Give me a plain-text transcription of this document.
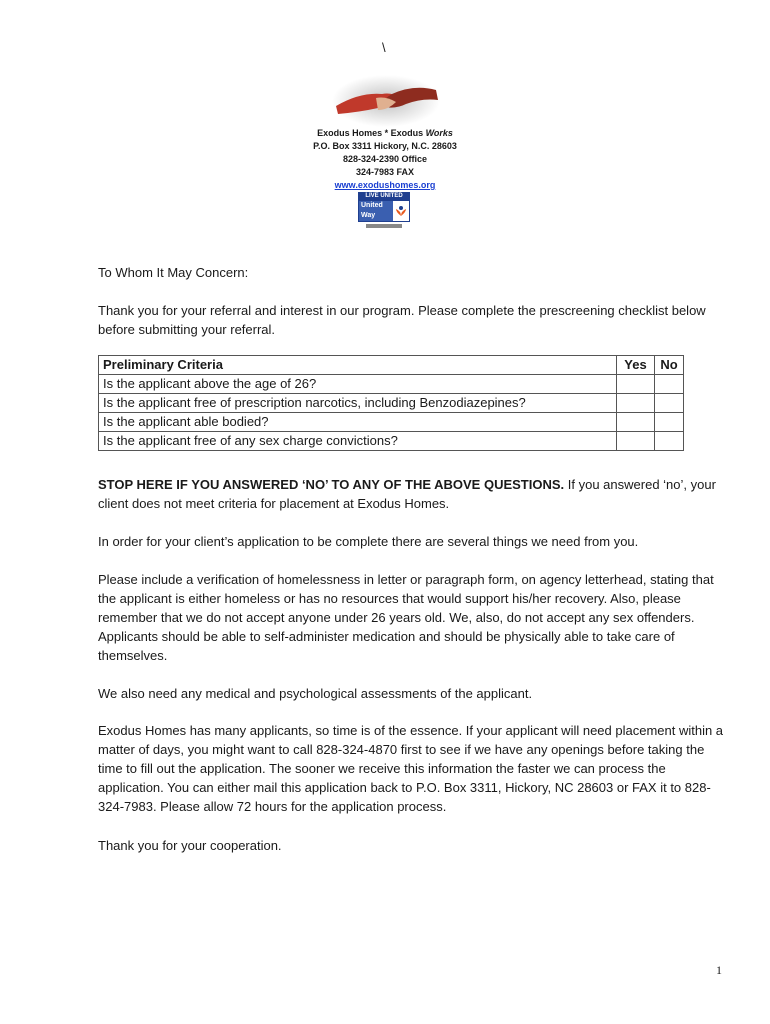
\
Exodus Homes * Exodus Works
P.O. Box 3311 Hickory, N.C. 28603
828-324-2390 Office
324-7983 FAX
www.exodushomes.org
LIVE UNITED
United
Way
To Whom It May Concern:
Thank you for your referral and interest in our program. Please complete the prescreening checklist below before submitting your referral.
Preliminary Criteria	Yes	No
Is the applicant above the age of 26?		
Is the applicant free of prescription narcotics, including Benzodiazepines?		
Is the applicant able bodied?		
Is the applicant free of any sex charge convictions?		
STOP HERE IF YOU ANSWERED ‘NO’ TO ANY OF THE ABOVE QUESTIONS. If you answered ‘no’, your client does not meet criteria for placement at Exodus Homes.
In order for your client’s application to be complete there are several things we need from you.
Please include a verification of homelessness in letter or paragraph form, on agency letterhead, stating that the applicant is either homeless or has no resources that would support his/her recovery. Also, please remember that we do not accept anyone under 26 years old. We, also, do not accept any sex offenders. Applicants should be able to self-administer medication and should be physically able to take care of themselves.
We also need any medical and psychological assessments of the applicant.
Exodus Homes has many applicants, so time is of the essence. If your applicant will need placement within a matter of days, you might want to call 828-324-4870 first to see if we have any openings before taking the time to fill out the application. The sooner we receive this information the faster we can process the application. You can either mail this application back to P.O. Box 3311, Hickory, NC 28603 or FAX it to 828-324-7983. Please allow 72 hours for the application process.
Thank you for your cooperation.
1
